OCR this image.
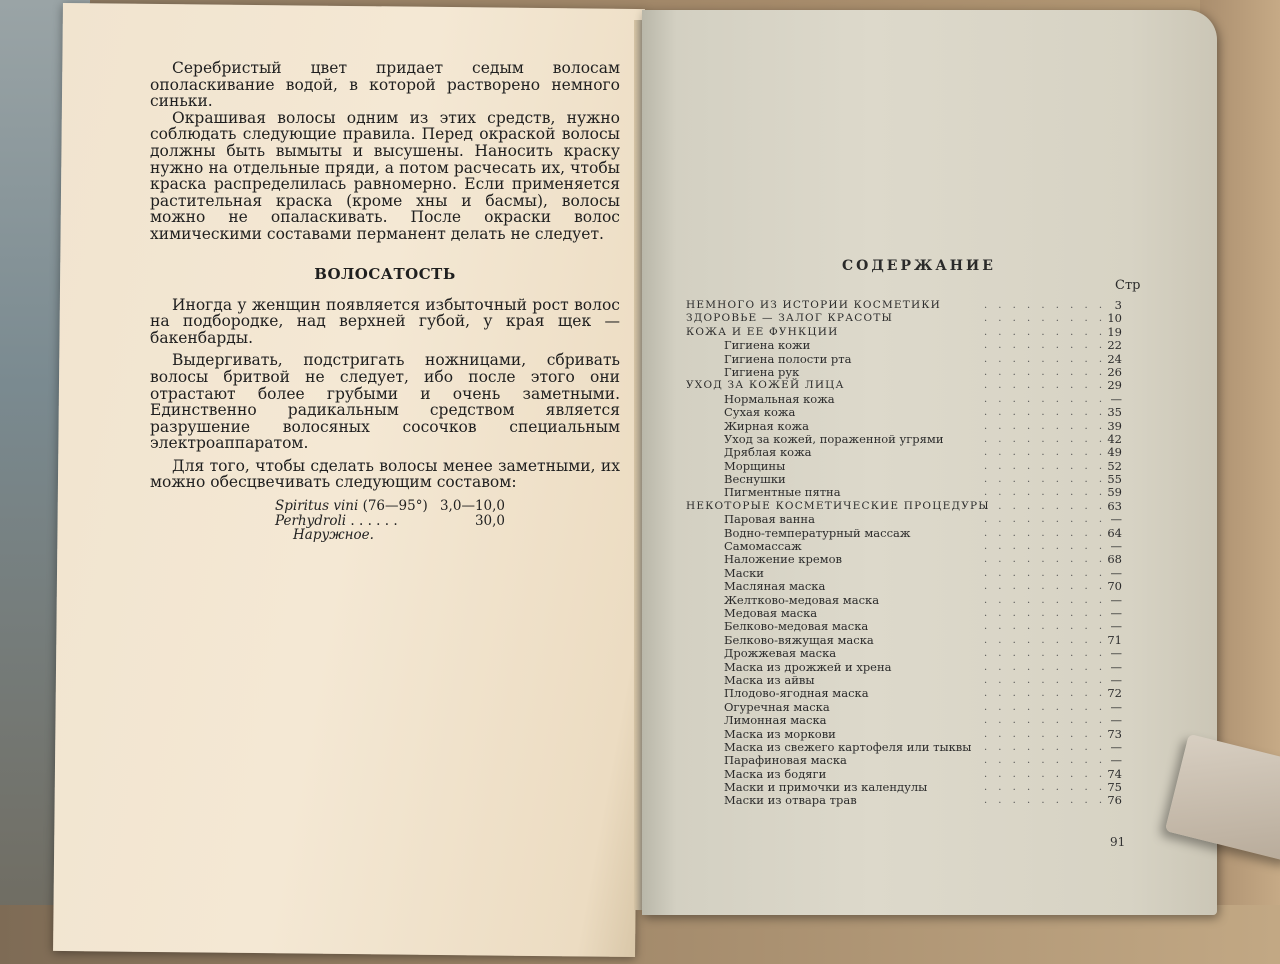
Серебристый цвет придает седым волосам ополаскивание водой, в которой растворено немного синьки.

Окрашивая волосы одним из этих средств, нужно соблюдать следующие правила. Перед окраской волосы должны быть вымыты и высушены. Наносить краску нужно на отдельные пряди, а потом расчесать их, чтобы краска распределилась равномерно. Если применяется растительная краска (кроме хны и басмы), волосы можно не опаласкивать. После окраски волос химическими составами пермaнент делать не следует.

ВОЛОСАТОСТЬ

Иногда у женщин появляется избыточный рост волос на подбородке, над верхней губой, у края щек — бакенбарды.

Выдергивать, подстригать ножницами, сбривать волосы бритвой не следует, ибо после этого они отрастают более грубыми и очень заметными. Единственно радикальным средством является разрушение волосяных сосочков специальным электроаппаратом.

Для того, чтобы сделать волосы менее заметными, их можно обесцвечивать следующим составом:

Spiritus vini (76—95°) 3,0—10,0
Perhydroli . . . . . .	30,0
Наружное.
СОДЕРЖАНИЕ
Стр
. . . . . . . . .
НЕМНОГО ИЗ ИСТОРИИ КОСМЕТИКИ	3
. . . . . . . . .
ЗДОРОВЬЕ — ЗАЛОГ КРАСОТЫ	10
. . . . . . . . .
КОЖА И ЕЕ ФУНКЦИИ	19
. . . . . . . . .
Гигиена кожи	22
. . . . . . . . .
Гигиена полости рта	24
. . . . . . . . .
Гигиена рук	26
. . . . . . . . .
УХОД ЗА КОЖЕЙ ЛИЦА	29
. . . . . . . . .
Нормальная кожа	—
. . . . . . . . .
Сухая кожа	35
. . . . . . . . .
Жирная кожа	39
. . . . . . . . .
Уход за кожей, пораженной угрями	42
. . . . . . . . .
Дряблая кожа	49
. . . . . . . . .
Морщины	52
. . . . . . . . .
Веснушки	55
. . . . . . . . .
Пигментные пятна	59
. . . . . . . . .
НЕКОТОРЫЕ КОСМЕТИЧЕСКИЕ ПРОЦЕДУРЫ	63
. . . . . . . . .
Паровая ванна	—
. . . . . . . . .
Водно-температурный массаж	64
. . . . . . . . .
Самомассаж	—
. . . . . . . . .
Наложение кремов	68
. . . . . . . . .
Маски	—
. . . . . . . . .
Масляная маска	70
. . . . . . . . .
Желтково-медовая маска	—
. . . . . . . . .
Медовая маска	—
. . . . . . . . .
Белково-медовая маска	—
. . . . . . . . .
Белково-вяжущая маска	71
. . . . . . . . .
Дрожжевая маска	—
. . . . . . . . .
Маска из дрожжей и хрена	—
. . . . . . . . .
Маска из айвы	—
. . . . . . . . .
Плодово-ягодная маска	72
. . . . . . . . .
Огуречная маска	—
. . . . . . . . .
Лимонная маска	—
. . . . . . . . .
Маска из моркови	73
. . . . . . . . .
Маска из свежего картофеля или тыквы	—
. . . . . . . . .
Парафиновая маска	—
. . . . . . . . .
Маска из бодяги	74
. . . . . . . . .
Маски и примочки из календулы	75
. . . . . . . . .
Маски из отвара трав	76
91
